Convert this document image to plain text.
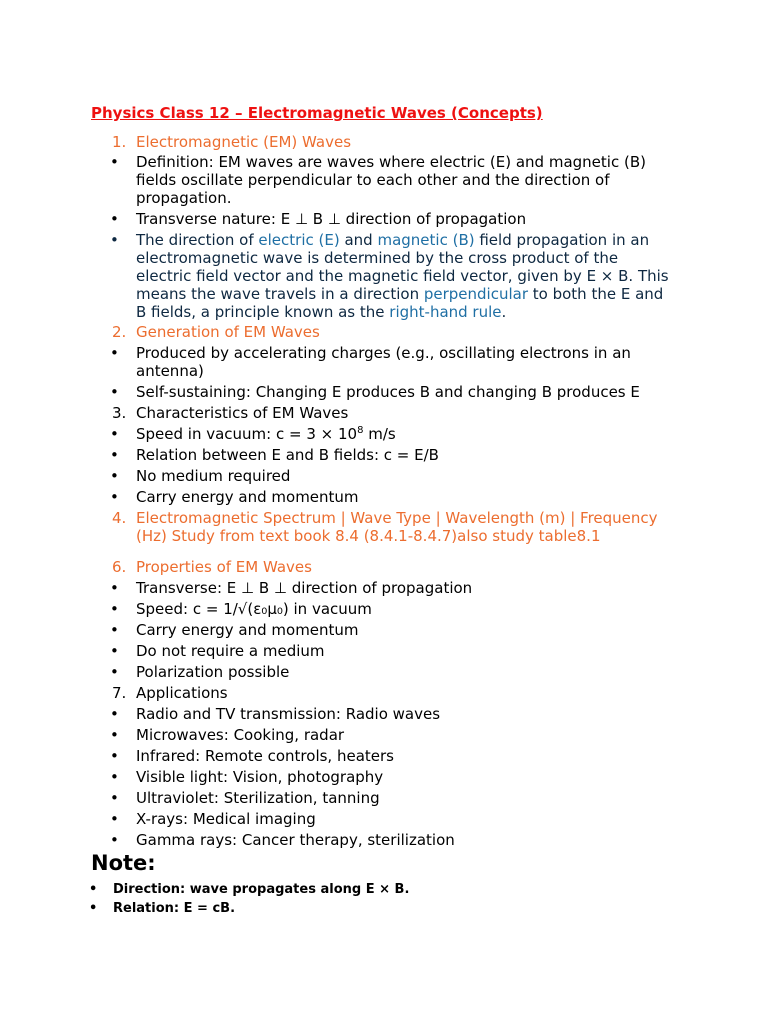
Physics Class 12 – Electromagnetic Waves (Concepts)
1. Electromagnetic (EM) Waves
•	Definition: EM waves are waves where electric (E) and magnetic (B) fields oscillate perpendicular to each other and the direction of propagation.
•	Transverse nature: E ⊥ B ⊥ direction of propagation
•	The direction of electric (E) and magnetic (B) field propagation in an electromagnetic wave is determined by the cross product of the electric field vector and the magnetic field vector, given by E × B. This means the wave travels in a direction perpendicular to both the E and B fields, a principle known as the right-hand rule.
2. Generation of EM Waves
•	Produced by accelerating charges (e.g., oscillating electrons in an antenna)
•	Self-sustaining: Changing E produces B and changing B produces E
3. Characteristics of EM Waves
•	Speed in vacuum: $c = 3 \times 10^8$ m/s
•	Relation between E and B fields: c = E/B
•	No medium required
•	Carry energy and momentum
4. Electromagnetic Spectrum | Wave Type | Wavelength (m) | Frequency (Hz) Study from text book 8.4 (8.4.1-8.4.7)also study table8.1
6. Properties of EM Waves
•	Transverse: E ⊥ B ⊥ direction of propagation
•	Speed: c = 1/√(ε₀μ₀) in vacuum
•	Carry energy and momentum
•	Do not require a medium
•	Polarization possible
7. Applications
•	Radio and TV transmission: Radio waves
•	Microwaves: Cooking, radar
•	Infrared: Remote controls, heaters
•	Visible light: Vision, photography
•	Ultraviolet: Sterilization, tanning
•	X-rays: Medical imaging
•	Gamma rays: Cancer therapy, sterilization
Note:
• Direction: wave propagates along E × B.
• Relation: E = cB.
